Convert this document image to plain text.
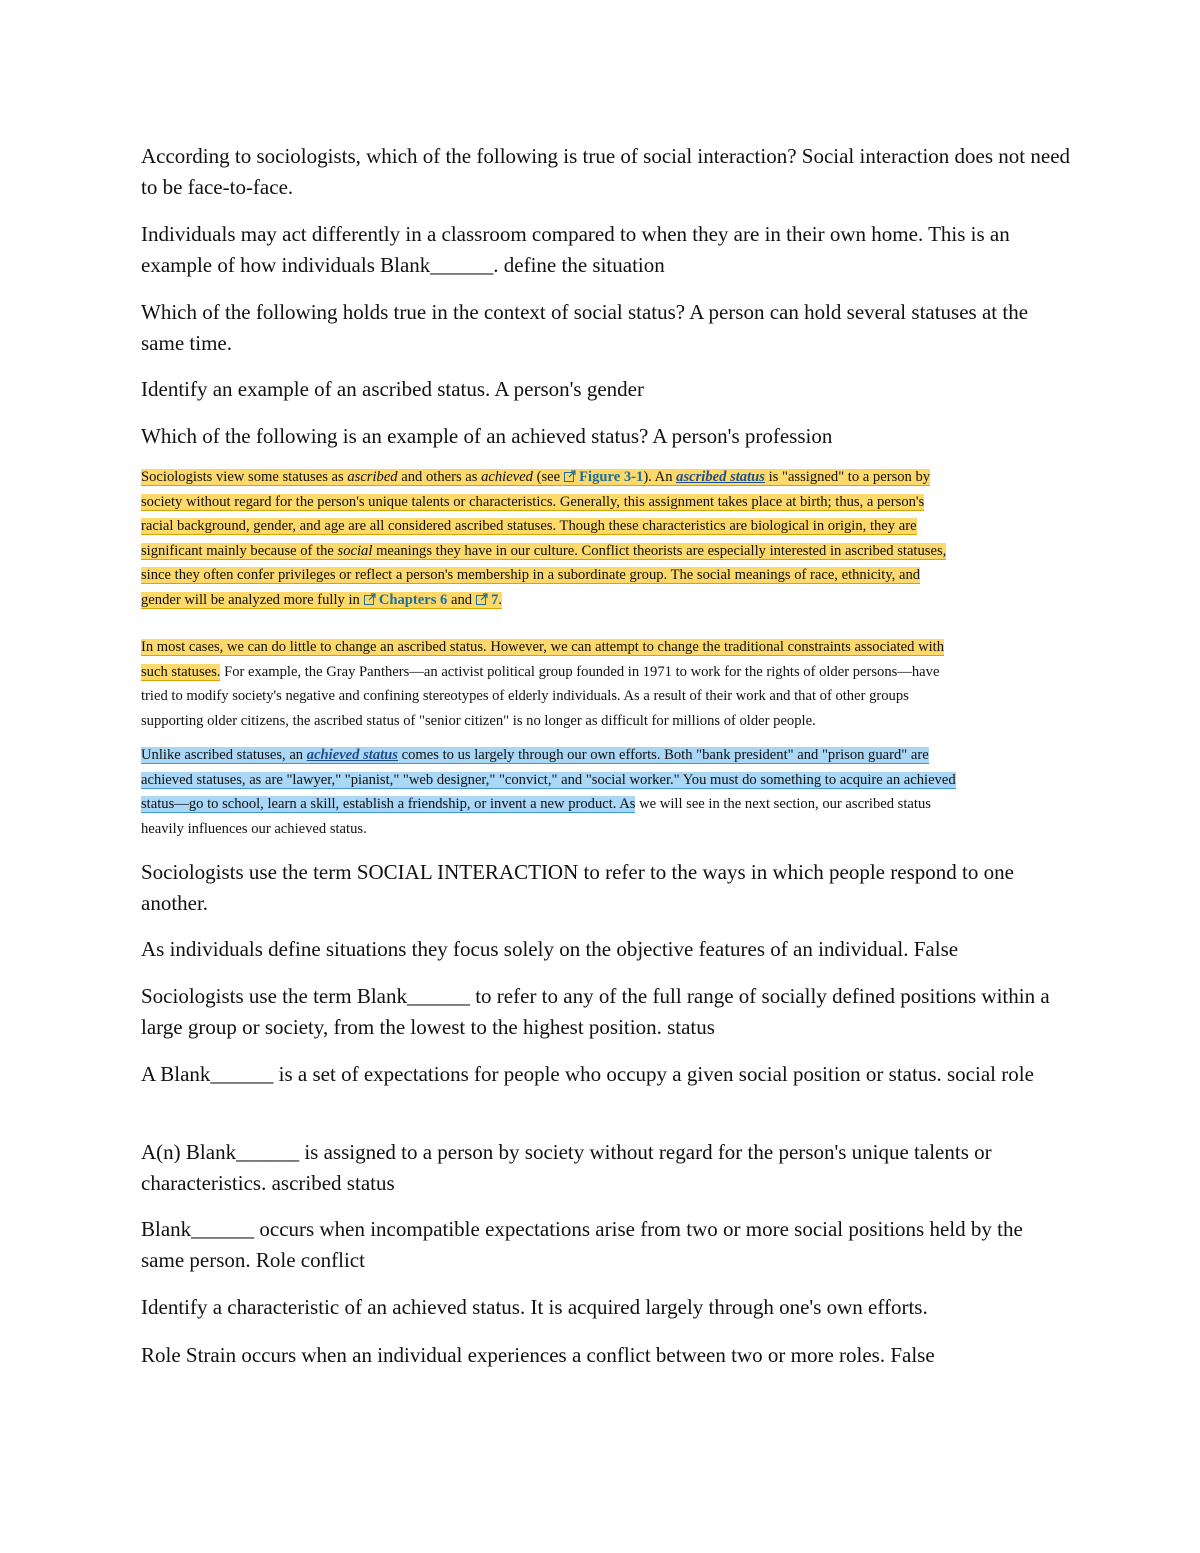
According to sociologists, which of the following is true of social interaction? Social interaction does not need to be face-to-face.

Individuals may act differently in a classroom compared to when they are in their own home. This is an example of how individuals Blank______. define the situation

Which of the following holds true in the context of social status? A person can hold several statuses at the same time.

Identify an example of an ascribed status. A person's gender

Which of the following is an example of an achieved status? A person's profession

Sociologists view some statuses as ascribed and others as achieved (see Figure 3-1). An ascribed status is "assigned" to a person by
society without regard for the person's unique talents or characteristics. Generally, this assignment takes place at birth; thus, a person's
racial background, gender, and age are all considered ascribed statuses. Though these characteristics are biological in origin, they are
significant mainly because of the social meanings they have in our culture. Conflict theorists are especially interested in ascribed statuses,
since they often confer privileges or reflect a person's membership in a subordinate group. The social meanings of race, ethnicity, and
gender will be analyzed more fully in Chapters 6 and 7.
In most cases, we can do little to change an ascribed status. However, we can attempt to change the traditional constraints associated with
such statuses. For example, the Gray Panthers—an activist political group founded in 1971 to work for the rights of older persons—have
tried to modify society's negative and confining stereotypes of elderly individuals. As a result of their work and that of other groups
supporting older citizens, the ascribed status of "senior citizen" is no longer as difficult for millions of older people.
Unlike ascribed statuses, an achieved status comes to us largely through our own efforts. Both "bank president" and "prison guard" are
achieved statuses, as are "lawyer," "pianist," "web designer," "convict," and "social worker." You must do something to acquire an achieved
status—go to school, learn a skill, establish a friendship, or invent a new product. As we will see in the next section, our ascribed status
heavily influences our achieved status.

Sociologists use the term SOCIAL INTERACTION to refer to the ways in which people respond to one another.

As individuals define situations they focus solely on the objective features of an individual. False

Sociologists use the term Blank______ to refer to any of the full range of socially defined positions within a large group or society, from the lowest to the highest position. status

A Blank______ is a set of expectations for people who occupy a given social position or status. social role

A(n) Blank______ is assigned to a person by society without regard for the person's unique talents or characteristics. ascribed status

Blank______ occurs when incompatible expectations arise from two or more social positions held by the same person. Role conflict

Identify a characteristic of an achieved status. It is acquired largely through one's own efforts.

Role Strain occurs when an individual experiences a conflict between two or more roles. False
